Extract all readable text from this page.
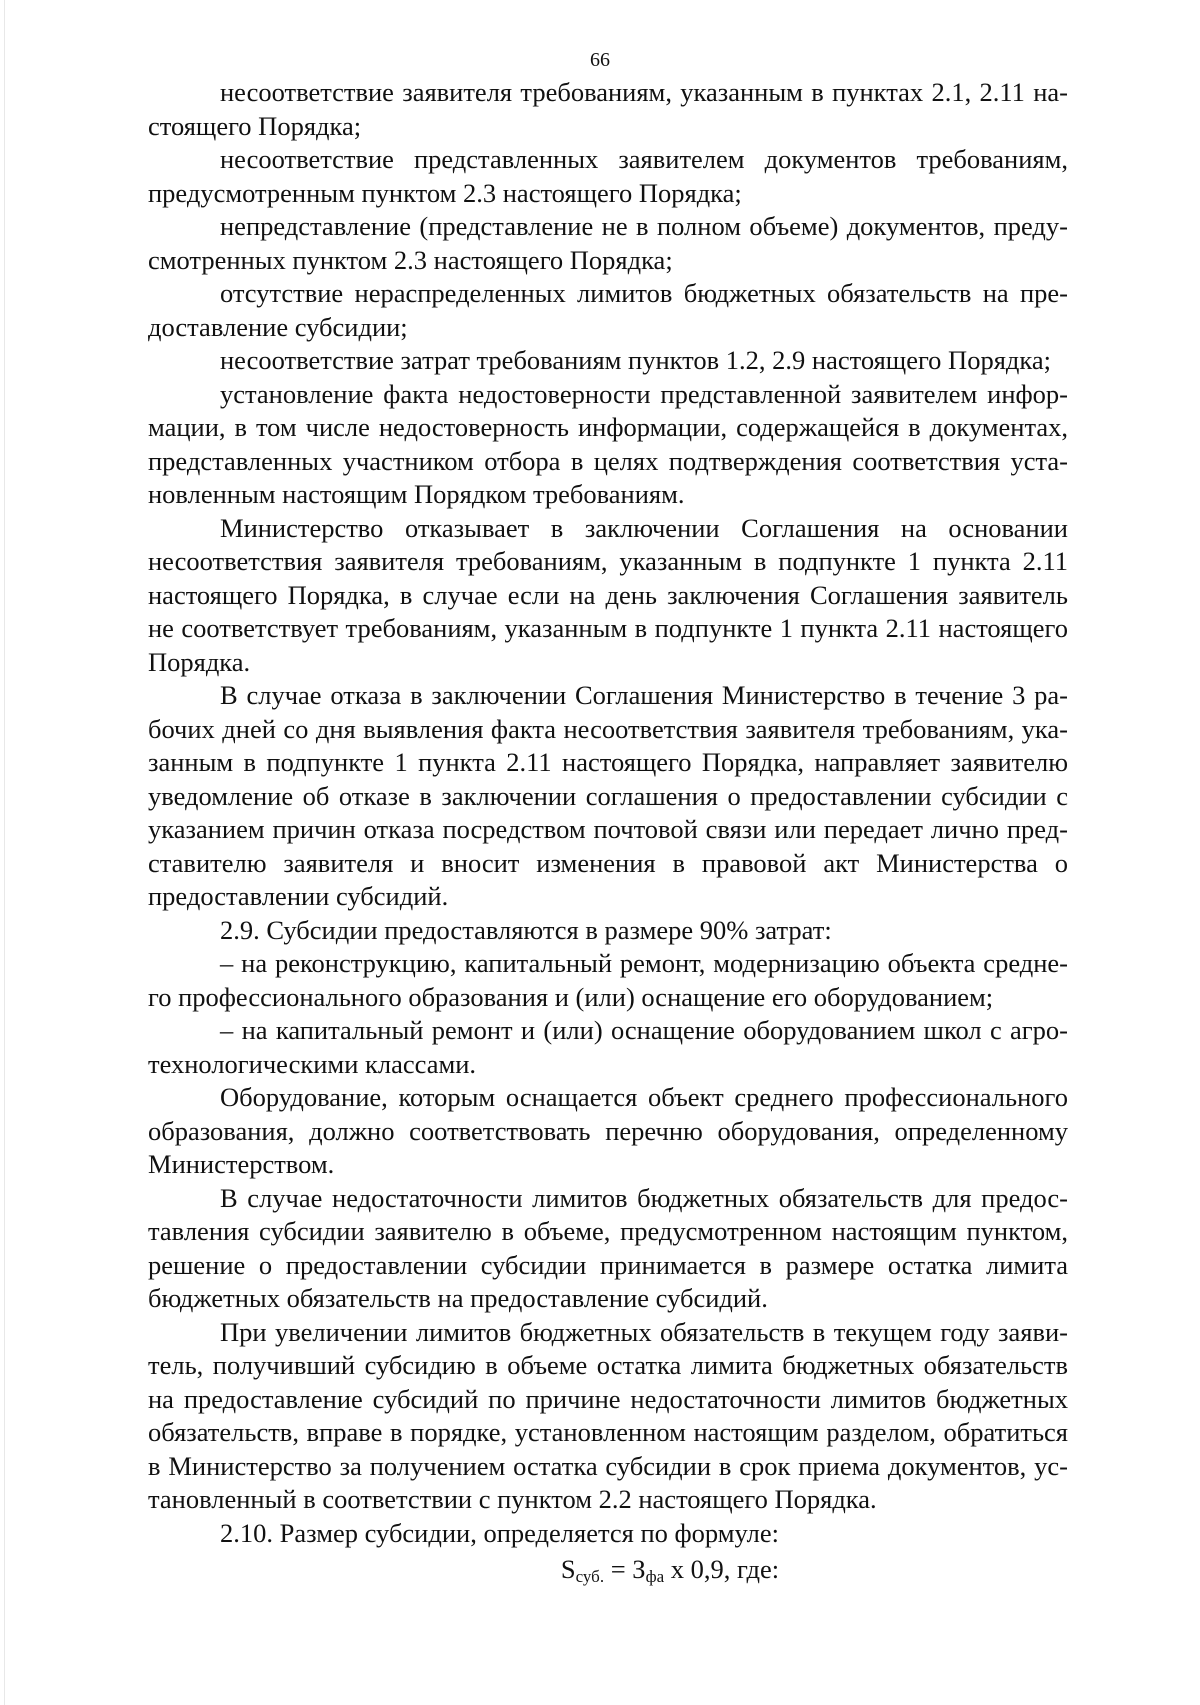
66

несоответствие заявителя требованиям, указанным в пунктах 2.1, 2.11 настоящего Порядка;

несоответствие представленных заявителем документов требованиям, предусмотренным пунктом 2.3 настоящего Порядка;

непредставление (представление не в полном объеме) документов, предусмотренных пунктом 2.3 настоящего Порядка;

отсутствие нераспределенных лимитов бюджетных обязательств на предоставление субсидии;

несоответствие затрат требованиям пунктов 1.2, 2.9 настоящего Порядка;

установление факта недостоверности представленной заявителем информации, в том числе недостоверность информации, содержащейся в документах, представленных участником отбора в целях подтверждения соответствия установленным настоящим Порядком требованиям.

Министерство отказывает в заключении Соглашения на основании несоответствия заявителя требованиям, указанным в подпункте 1 пункта 2.11 настоящего Порядка, в случае если на день заключения Соглашения заявитель не соответствует требованиям, указанным в подпункте 1 пункта 2.11 настоящего Порядка.

В случае отказа в заключении Соглашения Министерство в течение 3 рабочих дней со дня выявления факта несоответствия заявителя требованиям, указанным в подпункте 1 пункта 2.11 настоящего Порядка, направляет заявителю уведомление об отказе в заключении соглашения о предоставлении субсидии с указанием причин отказа посредством почтовой связи или передает лично представителю заявителя и вносит изменения в правовой акт Министерства о предоставлении субсидий.

2.9. Субсидии предоставляются в размере 90% затрат:

– на реконструкцию, капитальный ремонт, модернизацию объекта среднего профессионального образования и (или) оснащение его оборудованием;

– на капитальный ремонт и (или) оснащение оборудованием школ с агротехнологическими классами.

Оборудование, которым оснащается объект среднего профессионального образования, должно соответствовать перечню оборудования, определенному Министерством.

В случае недостаточности лимитов бюджетных обязательств для предоставления субсидии заявителю в объеме, предусмотренном настоящим пунктом, решение о предоставлении субсидии принимается в размере остатка лимита бюджетных обязательств на предоставление субсидий.

При увеличении лимитов бюджетных обязательств в текущем году заявитель, получивший субсидию в объеме остатка лимита бюджетных обязательств на предоставление субсидий по причине недостаточности лимитов бюджетных обязательств, вправе в порядке, установленном настоящим разделом, обратиться в Министерство за получением остатка субсидии в срок приема документов, установленный в соответствии с пунктом 2.2 настоящего Порядка.

2.10. Размер субсидии, определяется по формуле:

$S_{суб.} = З_{фа}$ x 0,9, где:
